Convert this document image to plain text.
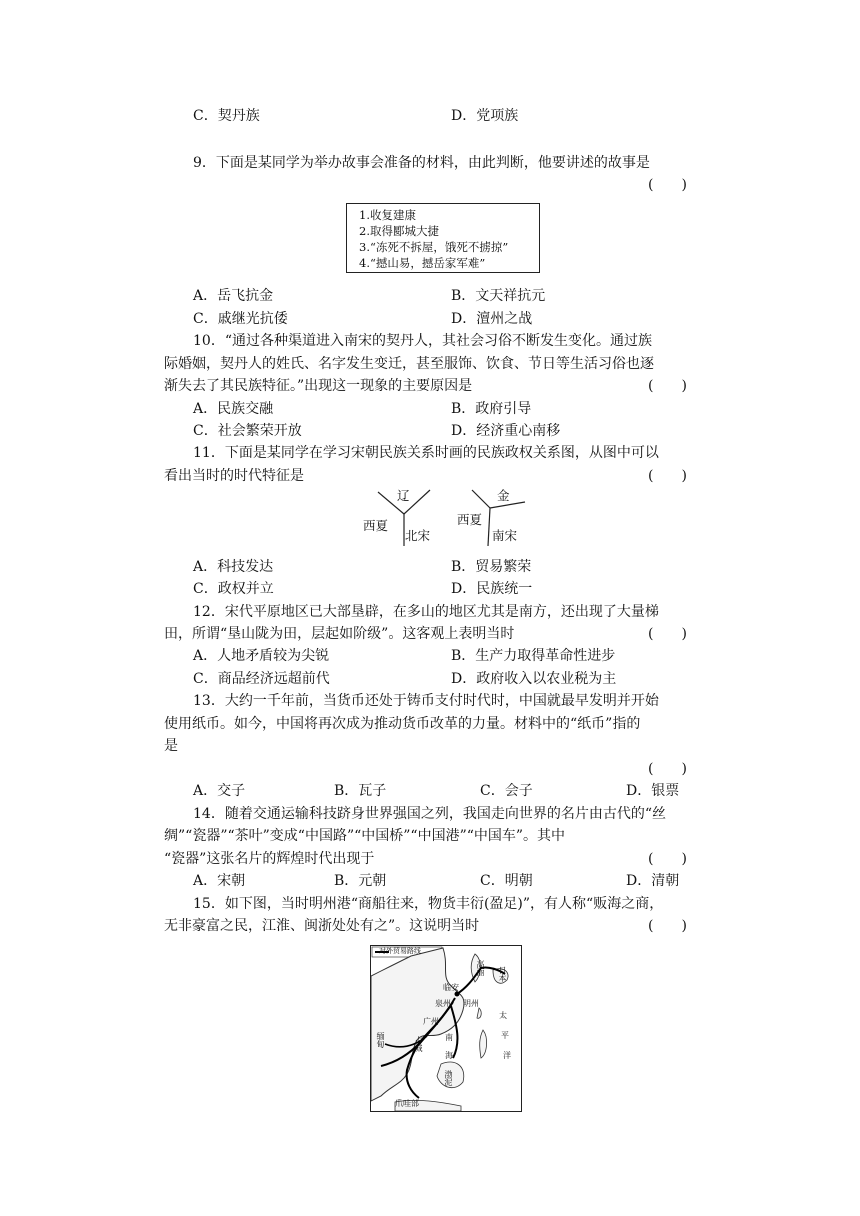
C．契丹族	D．党项族
9．下面是某同学为举办故事会准备的材料，由此判断，他要讲述的故事是
(　　)
1.收复建康
2.取得郾城大捷
3.“冻死不拆屋，饿死不掳掠”
4.“撼山易，撼岳家军难”
A．岳飞抗金	B．文天祥抗元
C．戚继光抗倭	D．澶州之战
10．“通过各种渠道进入南宋的契丹人，其社会习俗不断发生变化。通过族
际婚姻，契丹人的姓氏、名字发生变迁，甚至服饰、饮食、节日等生活习俗也逐
渐失去了其民族特征。”出现这一现象的主要原因是	(　　)
A．民族交融	B．政府引导
C．社会繁荣开放	D．经济重心南移
11．下面是某同学在学习宋朝民族关系时画的民族政权关系图，从图中可以
看出当时的时代特征是	(　　)
辽
西夏
北宋
金
西夏
南宋
A．科技发达	B．贸易繁荣
C．政权并立	D．民族统一
12．宋代平原地区已大部垦辟，在多山的地区尤其是南方，还出现了大量梯
田，所谓“垦山陇为田，层起如阶级”。这客观上表明当时	(　　)
A．人地矛盾较为尖锐	B．生产力取得革命性进步
C．商品经济远超前代	D．政府收入以农业税为主
13．大约一千年前，当货币还处于铸币支付时代时，中国就最早发明并开始
使用纸币。如今，中国将再次成为推动货币改革的力量。材料中的“纸币”指的
是
(　　)
A．交子	B．瓦子	C．会子	D．银票
14．随着交通运输科技跻身世界强国之列，我国走向世界的名片由古代的“丝
绸”“瓷器”“茶叶”变成“中国路”“中国桥”“中国港”“中国车”。其中
“瓷器”这张名片的辉煌时代出现于	(　　)
A．宋朝	B．元朝	C．明朝	D．清朝
15．如下图，当时明州港“商船往来，物货丰衍(盈足)”，有人称“贩海之商，
无非豪富之民，江淮、闽浙处处有之”。这说明当时	(　　)
对外贸易路线
高丽 日本
临安
泉州 明州
广州
缅甸	占城	南
海
太
平
洋
渤泥
爪哇部
